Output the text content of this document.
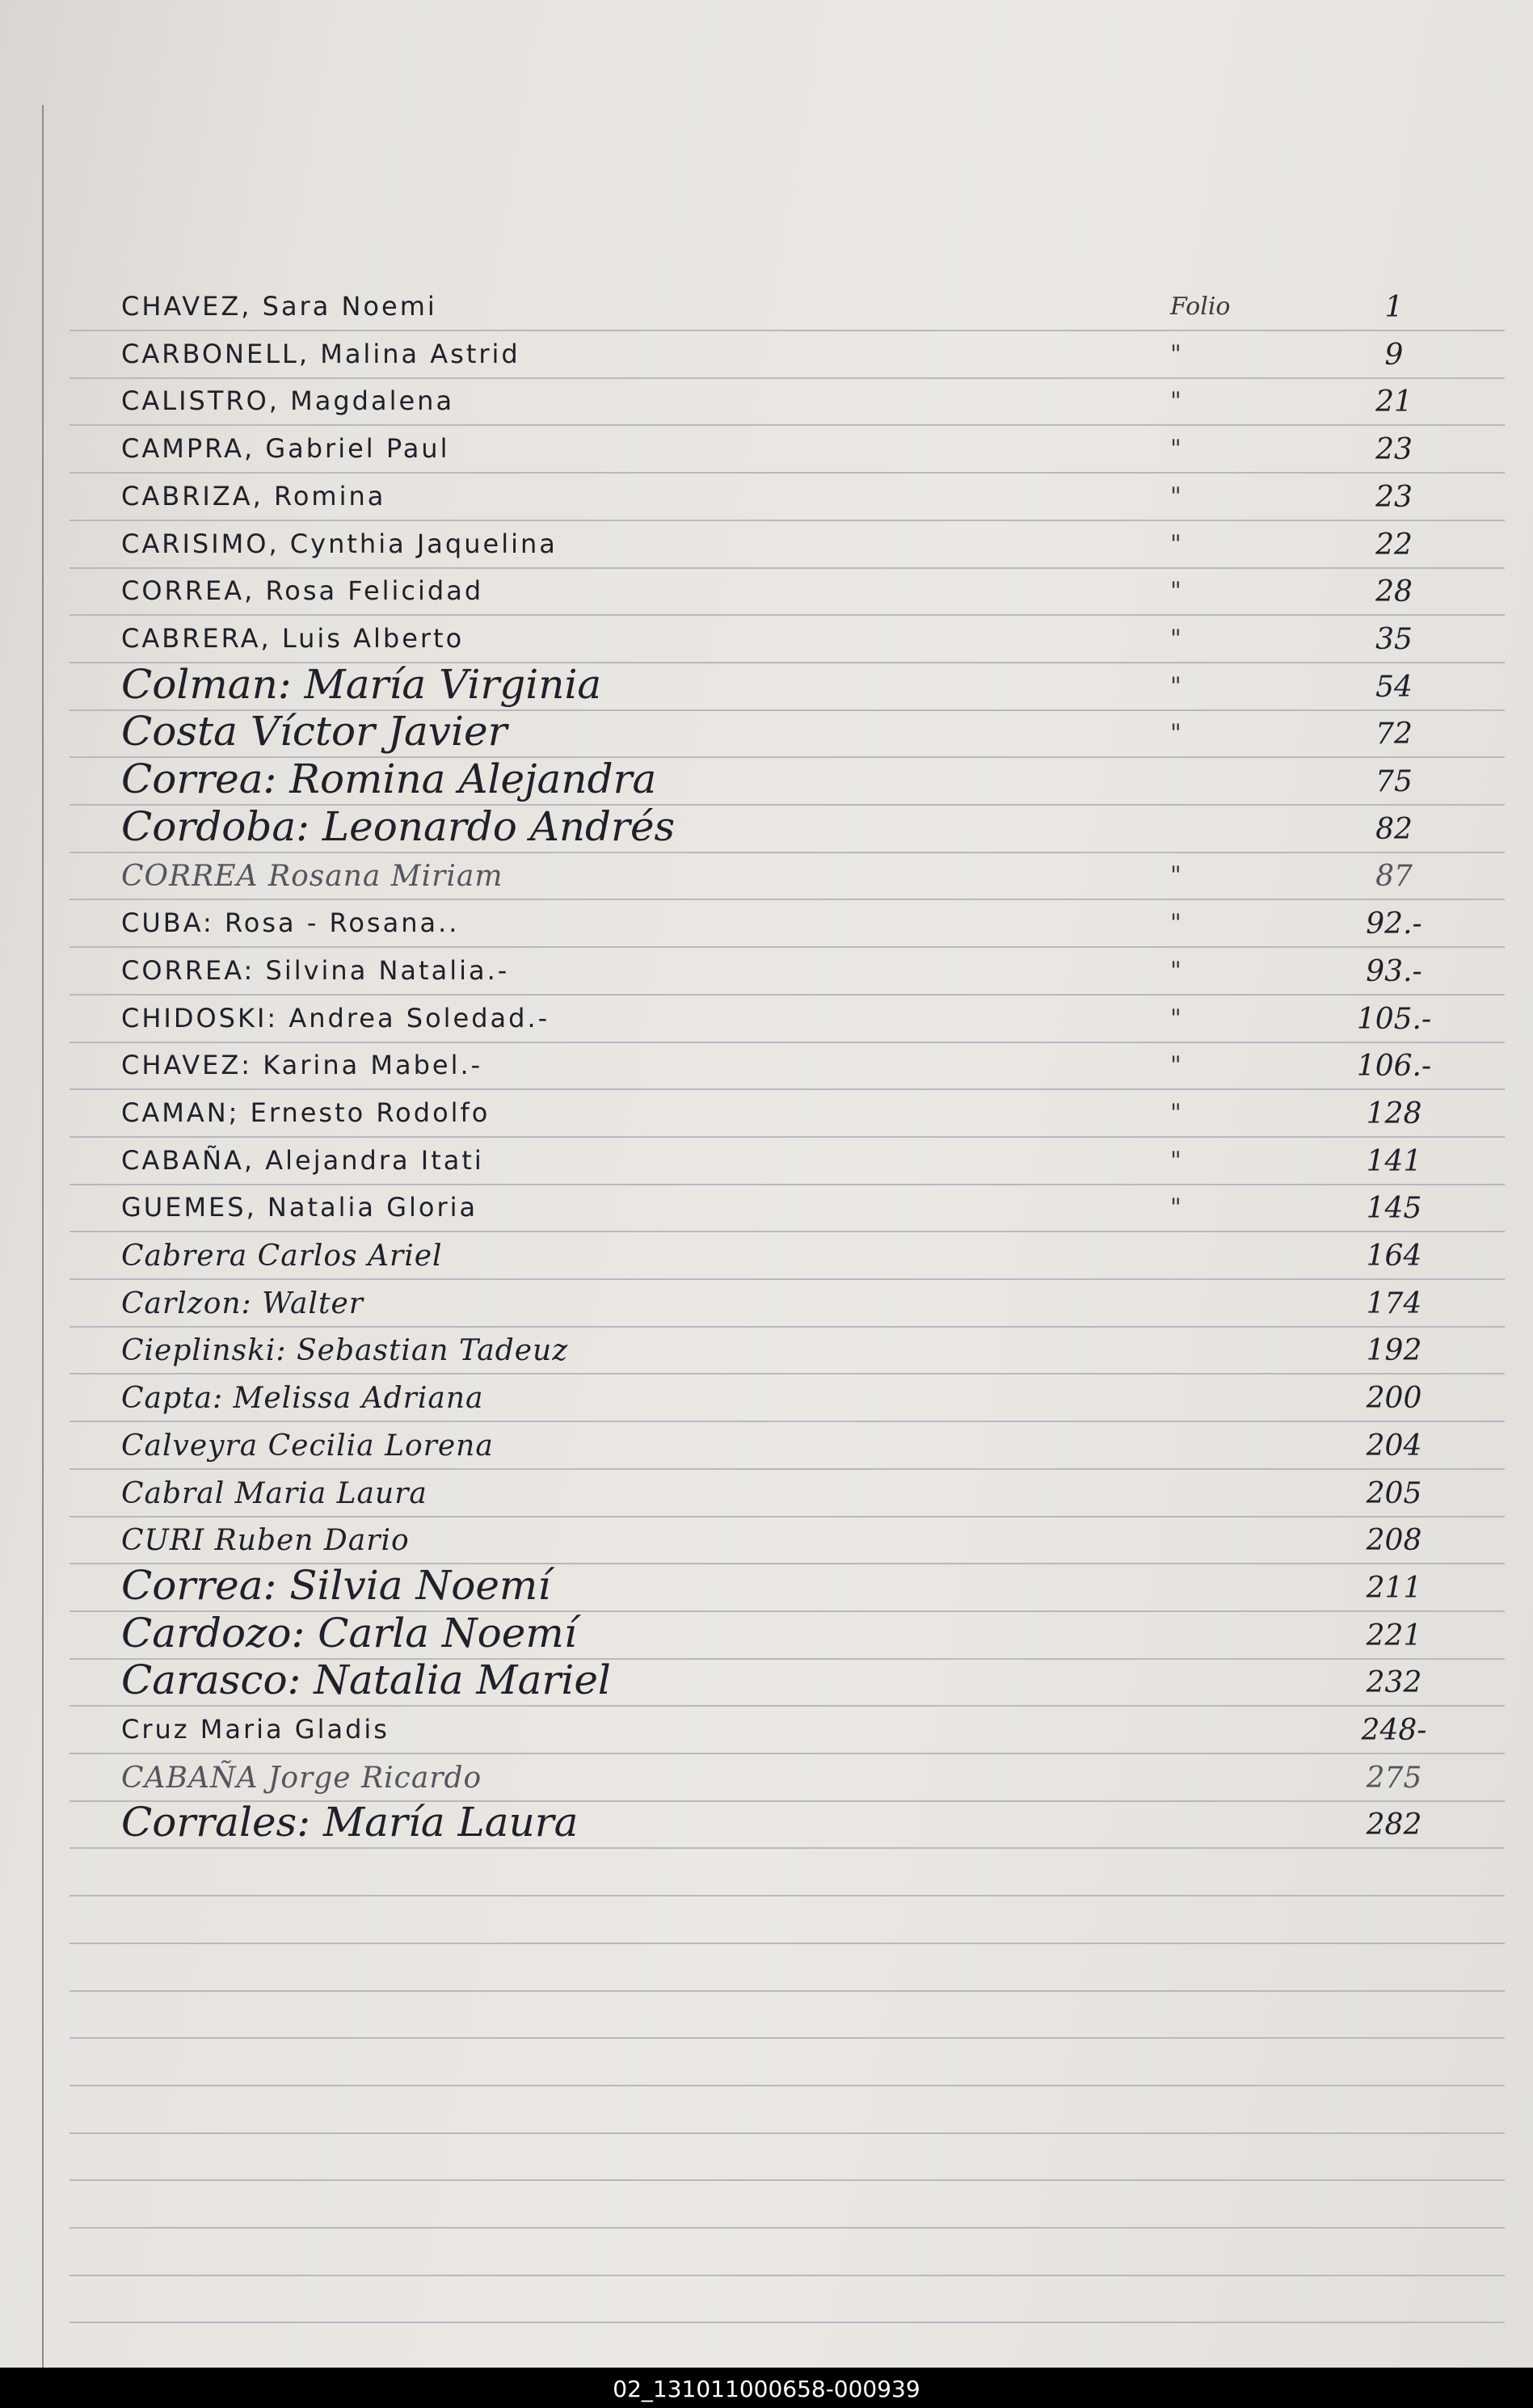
CHAVEZ, Sara Noemi	Folio	1
CARBONELL, Malina Astrid	"	9
CALISTRO, Magdalena	"	21
CAMPRA, Gabriel Paul	"	23
CABRIZA, Romina	"	23
CARISIMO, Cynthia Jaquelina	"	22
CORREA, Rosa Felicidad	"	28
CABRERA, Luis Alberto	"	35
Colman: María Virginia	"	54
Costa Víctor Javier	"	72
Correa: Romina Alejandra	75
Cordoba: Leonardo Andrés	82
CORREA Rosana Miriam	"	87
CUBA: Rosa - Rosana..	"	92.-
CORREA: Silvina Natalia.-	"	93.-
CHIDOSKI: Andrea Soledad.-	"	105.-
CHAVEZ: Karina Mabel.-	"	106.-
CAMAN; Ernesto Rodolfo	"	128
CABAÑA, Alejandra Itati	"	141
GUEMES, Natalia Gloria	"	145
Cabrera Carlos Ariel	164
Carlzon: Walter	174
Cieplinski: Sebastian Tadeuz	192
Capta: Melissa Adriana	200
Calveyra Cecilia Lorena	204
Cabral Maria Laura	205
CURI Ruben Dario	208
Correa: Silvia Noemí	211
Cardozo: Carla Noemí	221
Carasco: Natalia Mariel	232
Cruz Maria Gladis	248-
CABAÑA Jorge Ricardo	275
Corrales: María Laura	282
02_131011000658-000939
